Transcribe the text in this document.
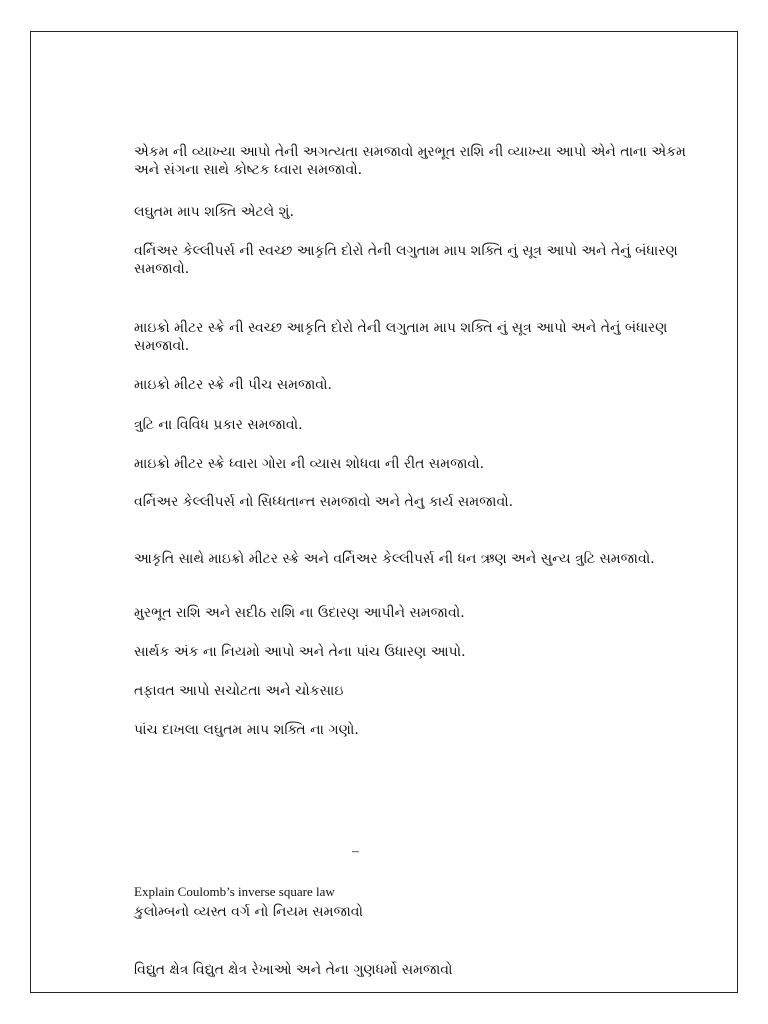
એકમ ની વ્યાખ્યા આપો તેની અગત્યતા સમજાવો મુરભૂત રાશિ ની વ્યાખ્યા આપો એને તાના એકમ અને સંગના સાથે કોષ્ટક ધ્વારા સમજાવો.
લઘુતમ માપ શક્તિ એટલે શું.
વર્નિઅર કેલ્લીપર્સ ની સ્વચ્છ આકૃતિ દોરો તેની લગુતામ માપ શક્તિ નું સૂત્ર આપો અને તેનું બંધારણ સમજાવો.
માઇક્રો મીટર સ્ક્રે ની સ્વચ્છ આકૃતિ દોરો તેની લગુતામ માપ શક્તિ નું સૂત્ર આપો અને તેનું બંધારણ સમજાવો.
માઇક્રો મીટર સ્ક્રે ની પીચ સમજાવો.
ત્રુટિ ના વિવિધ પ્રકાર સમજાવો.
માઇક્રો મીટર સ્ક્રે ધ્વારા ગોરા ની વ્યાસ શોધવા ની રીત સમજાવો.
વર્નિઅર કેલ્લીપર્સ નો સિધ્ધતાન્ત સમજાવો અને તેનુ કાર્ય સમજાવો.
આકૃતિ સાથે માઇક્રો મીટર સ્ક્રે અને વર્નિઅર કેલ્લીપર્સ ની ધન ઋણ અને સુન્ય ત્રુટિ સમજાવો.
મુરભૂત રાશિ અને સદીઠ રાશિ ના ઉદારણ આપીને સમજાવો.
સાર્થક અંક ના નિયમો આપો અને તેના પાંચ ઉધારણ આપો.
તફાવત આપો સચોટતા અને ચોકસાઇ
પાંચ દાખલા લઘુતમ માપ શક્તિ ના ગણો.
–
Explain Coulomb’s inverse square law
કુલોમ્બનો વ્યસ્ત વર્ગ નો નિયમ સમજાવો
વિદ્યુત ક્ષેત્ર વિદ્યુત ક્ષેત્ર રેખાઓ અને તેના ગુણધર્મો સમજાવો
